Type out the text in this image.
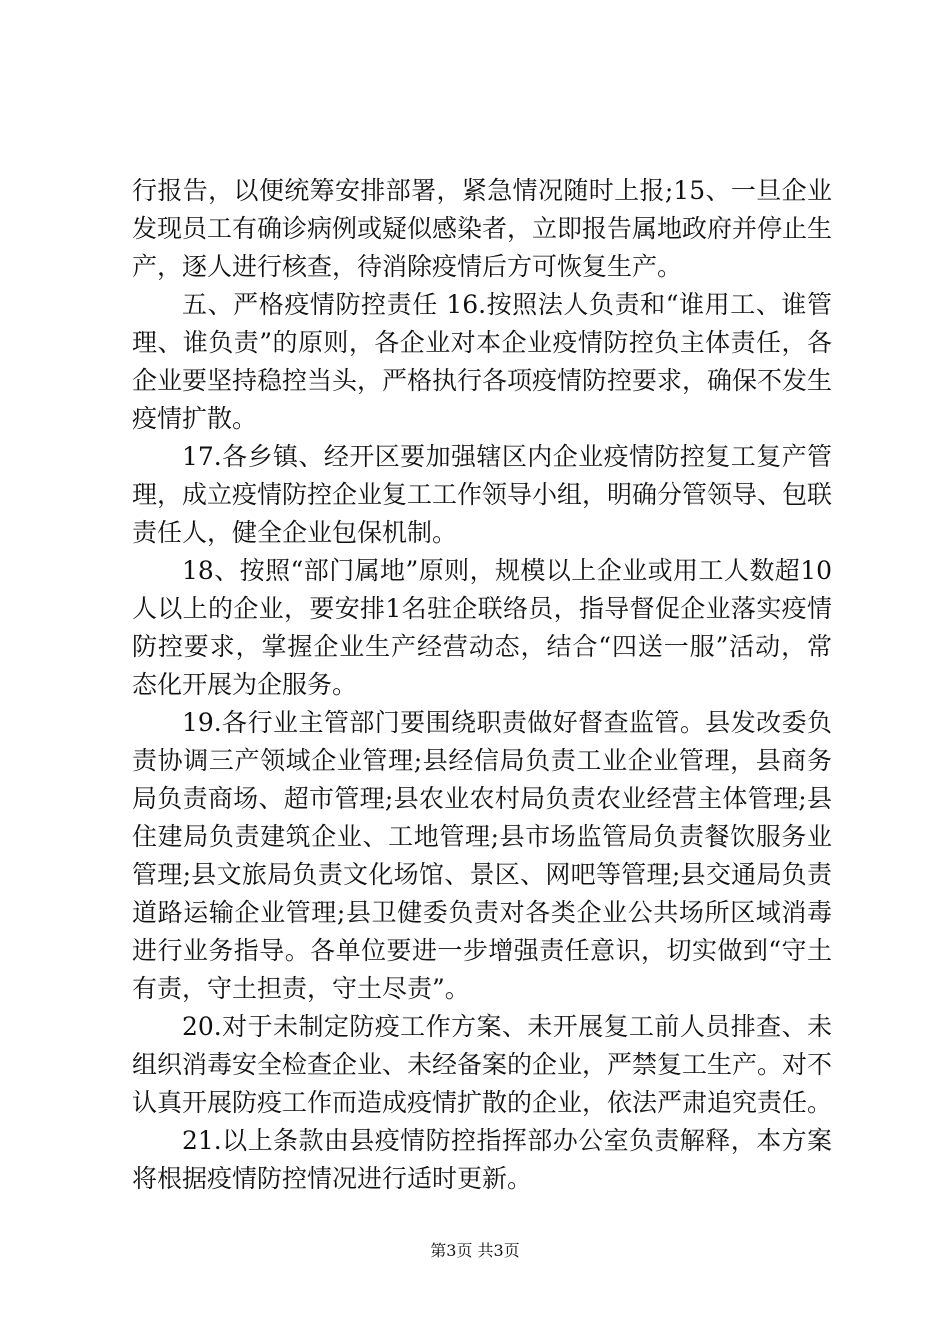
行报告，以便统筹安排部署，紧急情况随时上报;15、一旦企业发现员工有确诊病例或疑似感染者，立即报告属地政府并停止生产，逐人进行核查，待消除疫情后方可恢复生产。

五、严格疫情防控责任 16.按照法人负责和“谁用工、谁管理、谁负责”的原则，各企业对本企业疫情防控负主体责任，各企业要坚持稳控当头，严格执行各项疫情防控要求，确保不发生疫情扩散。

17.各乡镇、经开区要加强辖区内企业疫情防控复工复产管理，成立疫情防控企业复工工作领导小组，明确分管领导、包联责任人，健全企业包保机制。

18、按照“部门属地”原则，规模以上企业或用工人数超10人以上的企业，要安排1名驻企联络员，指导督促企业落实疫情防控要求，掌握企业生产经营动态，结合“四送一服”活动，常态化开展为企服务。

19.各行业主管部门要围绕职责做好督查监管。县发改委负责协调三产领域企业管理;县经信局负责工业企业管理，县商务局负责商场、超市管理;县农业农村局负责农业经营主体管理;县住建局负责建筑企业、工地管理;县市场监管局负责餐饮服务业管理;县文旅局负责文化场馆、景区、网吧等管理;县交通局负责道路运输企业管理;县卫健委负责对各类企业公共场所区域消毒进行业务指导。各单位要进一步增强责任意识，切实做到“守土有责，守土担责，守土尽责”。

20.对于未制定防疫工作方案、未开展复工前人员排查、未组织消毒安全检查企业、未经备案的企业，严禁复工生产。对不认真开展防疫工作而造成疫情扩散的企业，依法严肃追究责任。

21.以上条款由县疫情防控指挥部办公室负责解释，本方案将根据疫情防控情况进行适时更新。

第3页 共3页
